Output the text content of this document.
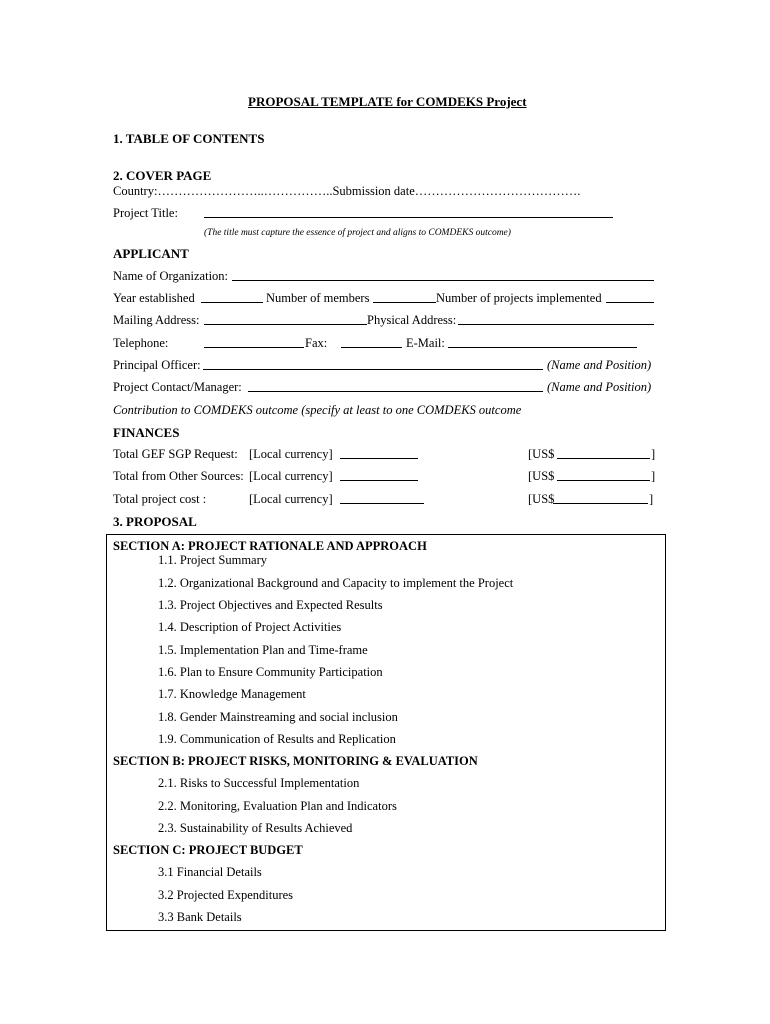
PROPOSAL TEMPLATE for COMDEKS Project
1. TABLE OF CONTENTS
2. COVER PAGE
Country:……………………..……………..Submission date………………………………….
Project Title:
(The title must capture the essence of project and aligns to COMDEKS outcome)
APPLICANT
Name of Organization:
Year established	Number of members	Number of projects implemented
Mailing Address:	Physical Address:
Telephone:	Fax:	E-Mail:
Principal Officer:	(Name and Position)
Project Contact/Manager:	(Name and Position)
Contribution to COMDEKS outcome (specify at least to one COMDEKS outcome
FINANCES
Total GEF SGP Request: [Local currency]	[US$	]
Total from Other Sources: [Local currency]	[US$	]
Total project cost :	[Local currency]	[US$	]
3. PROPOSAL
SECTION A: PROJECT RATIONALE AND APPROACH
1.1. Project Summary
1.2. Organizational Background and Capacity to implement the Project
1.3. Project Objectives and Expected Results
1.4. Description of Project Activities
1.5. Implementation Plan and Time-frame
1.6. Plan to Ensure Community Participation
1.7. Knowledge Management
1.8. Gender Mainstreaming and social inclusion
1.9. Communication of Results and Replication
SECTION B: PROJECT RISKS, MONITORING & EVALUATION
2.1. Risks to Successful Implementation
2.2. Monitoring, Evaluation Plan and Indicators
2.3. Sustainability of Results Achieved
SECTION C: PROJECT BUDGET
3.1 Financial Details
3.2 Projected Expenditures
3.3 Bank Details
